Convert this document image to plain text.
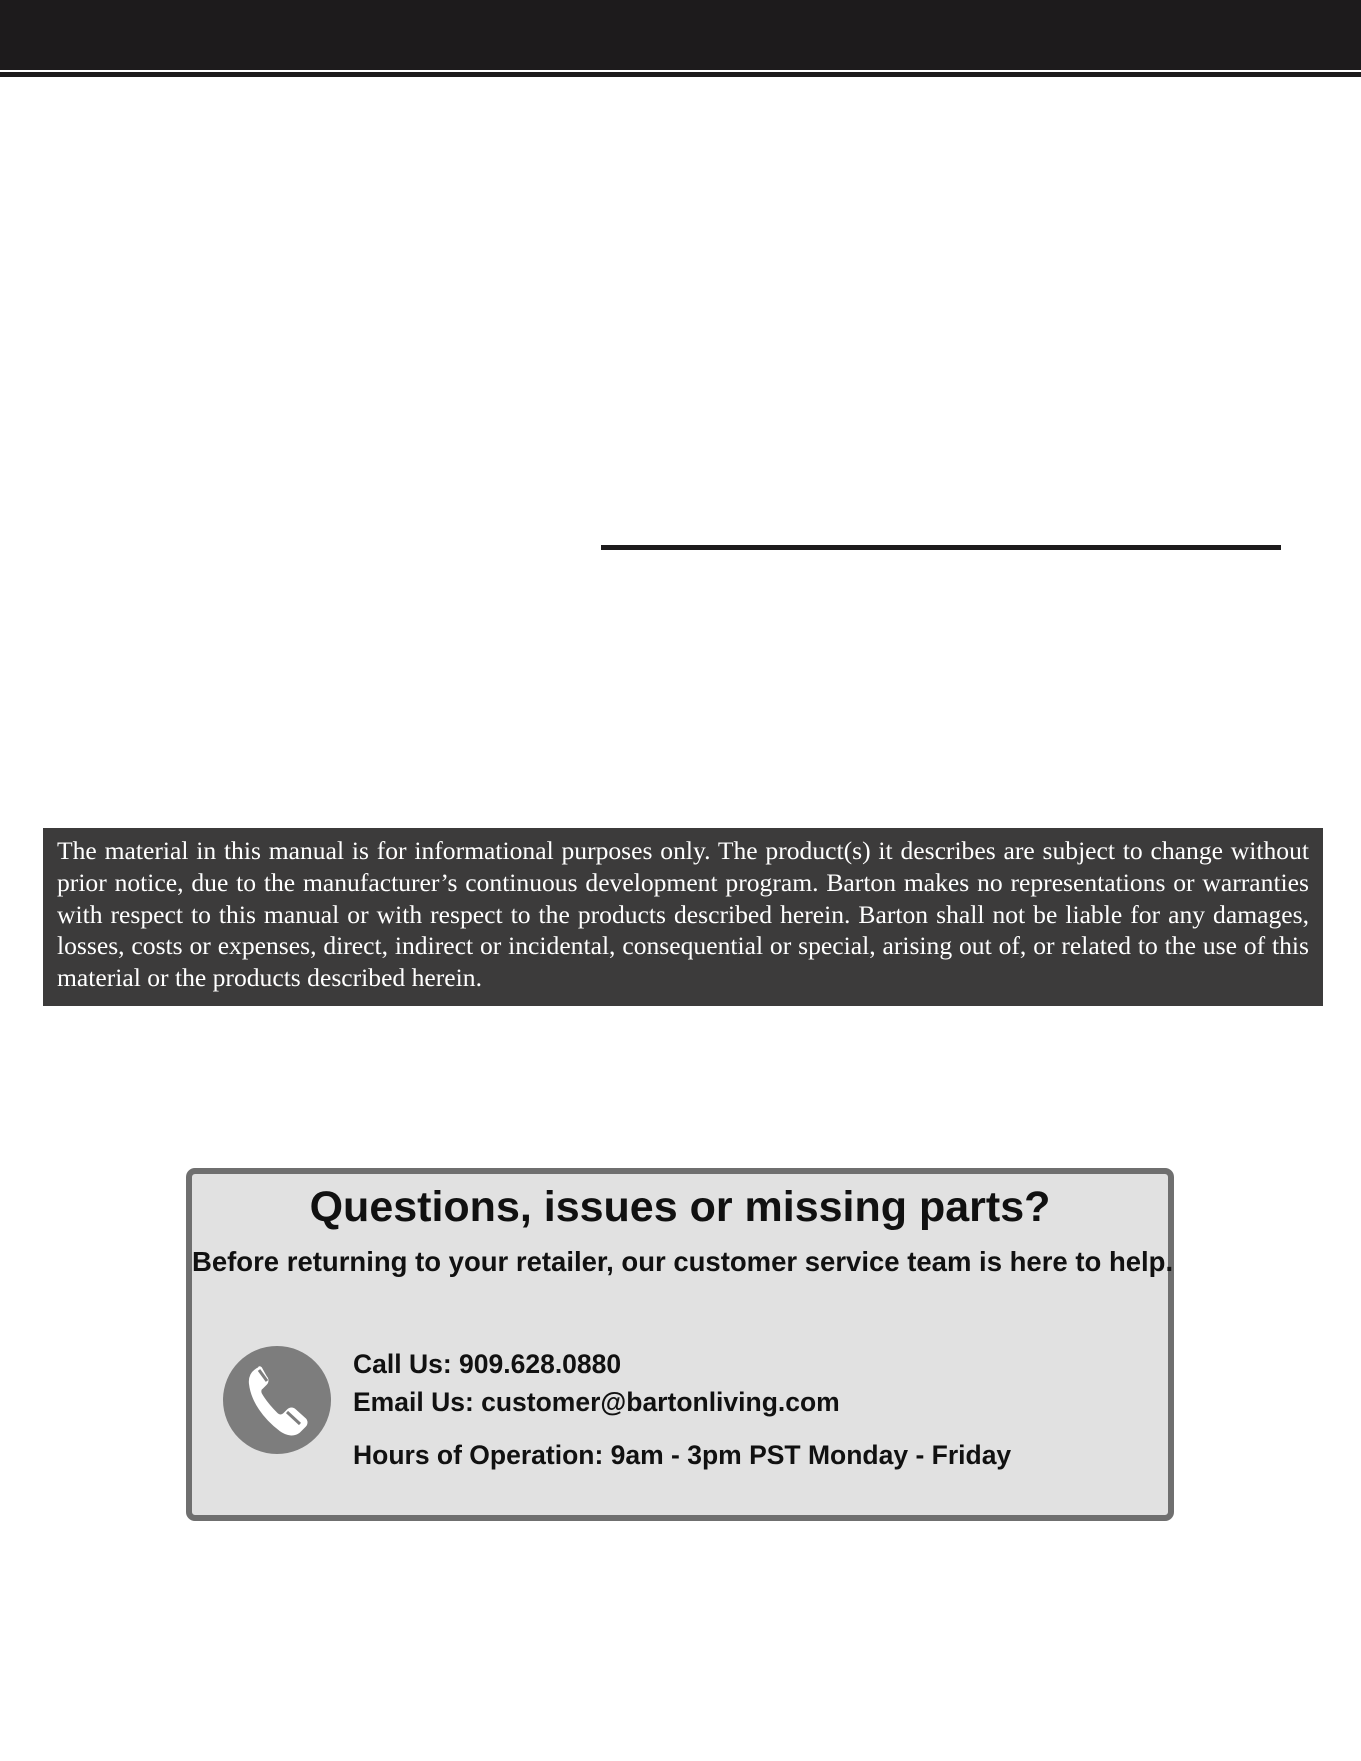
The material in this manual is for informational purposes only. The product(s) it describes are subject to change without prior notice, due to the manufacturer’s continuous development program. Barton makes no representations or warranties with respect to this manual or with respect to the products described herein. Barton shall not be liable for any damages, losses, costs or expenses, direct, indirect or incidental, consequential or special, arising out of, or related to the use of this material or the products described herein.

Questions, issues or missing parts?

Before returning to your retailer, our customer service team is here to help.

Call Us: 909.628.0880

Email Us: customer@bartonliving.com

Hours of Operation: 9am - 3pm PST Monday - Friday
